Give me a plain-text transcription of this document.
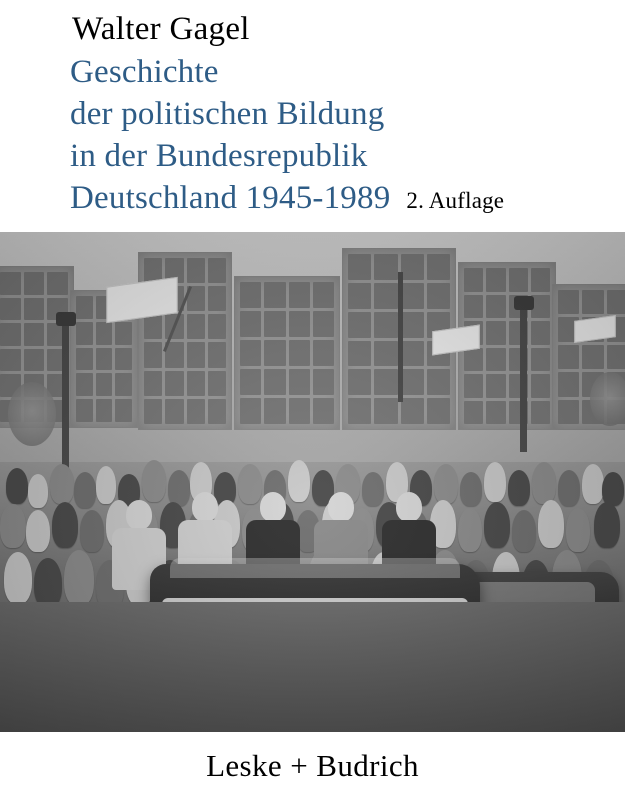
Walter Gagel
Geschichte
der politischen Bildung
in der Bundesrepublik
Deutschland 1945-1989 2. Auflage
Leske + Budrich
